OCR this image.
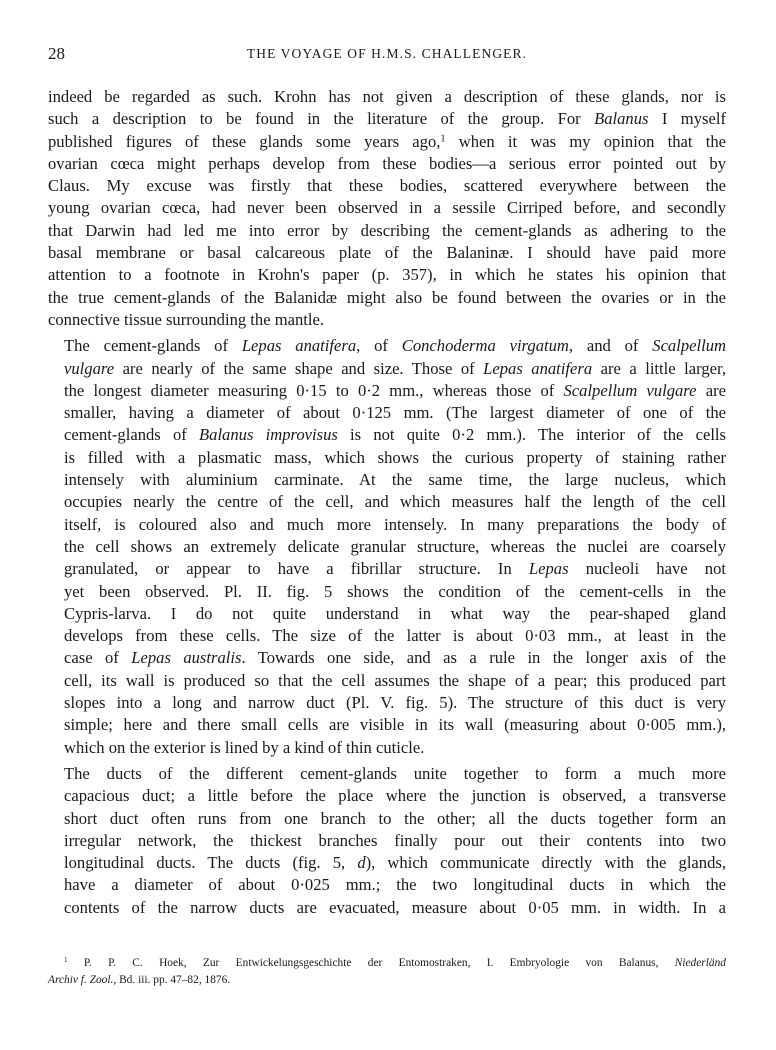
28	THE VOYAGE OF H.M.S. CHALLENGER.

indeed be regarded as such. Krohn has not given a description of these glands, nor is
such a description to be found in the literature of the group. For Balanus I myself
published figures of these glands some years ago,$^1$ when it was my opinion that the
ovarian cœca might perhaps develop from these bodies—a serious error pointed out by
Claus. My excuse was firstly that these bodies, scattered everywhere between the
young ovarian cœca, had never been observed in a sessile Cirriped before, and secondly
that Darwin had led me into error by describing the cement-glands as adhering to the
basal membrane or basal calcareous plate of the Balaninæ. I should have paid more
attention to a footnote in Krohn's paper (p. 357), in which he states his opinion that
the true cement-glands of the Balanidæ might also be found between the ovaries or in the
connective tissue surrounding the mantle.

The cement-glands of Lepas anatifera, of Conchoderma virgatum, and of Scalpellum
vulgare are nearly of the same shape and size. Those of Lepas anatifera are a little larger,
the longest diameter measuring 0·15 to 0·2 mm., whereas those of Scalpellum vulgare are
smaller, having a diameter of about 0·125 mm. (The largest diameter of one of the
cement-glands of Balanus improvisus is not quite 0·2 mm.). The interior of the cells
is filled with a plasmatic mass, which shows the curious property of staining rather
intensely with aluminium carminate. At the same time, the large nucleus, which
occupies nearly the centre of the cell, and which measures half the length of the cell
itself, is coloured also and much more intensely. In many preparations the body of
the cell shows an extremely delicate granular structure, whereas the nuclei are coarsely
granulated, or appear to have a fibrillar structure. In Lepas nucleoli have not
yet been observed. Pl. II. fig. 5 shows the condition of the cement-cells in the
Cypris-larva. I do not quite understand in what way the pear-shaped gland
develops from these cells. The size of the latter is about 0·03 mm., at least in the
case of Lepas australis. Towards one side, and as a rule in the longer axis of the
cell, its wall is produced so that the cell assumes the shape of a pear; this produced part
slopes into a long and narrow duct (Pl. V. fig. 5). The structure of this duct is very
simple; here and there small cells are visible in its wall (measuring about 0·005 mm.),
which on the exterior is lined by a kind of thin cuticle.

The ducts of the different cement-glands unite together to form a much more
capacious duct; a little before the place where the junction is observed, a transverse
short duct often runs from one branch to the other; all the ducts together form an
irregular network, the thickest branches finally pour out their contents into two
longitudinal ducts. The ducts (fig. 5, d), which communicate directly with the glands,
have a diameter of about 0·025 mm.; the two longitudinal ducts in which the
contents of the narrow ducts are evacuated, measure about 0·05 mm. in width. In a

$^1$ P. P. C. Hoek, Zur Entwickelungsgeschichte der Entomostraken, I. Embryologie von Balanus, Niederländ
Archiv f. Zool., Bd. iii. pp. 47–82, 1876.
